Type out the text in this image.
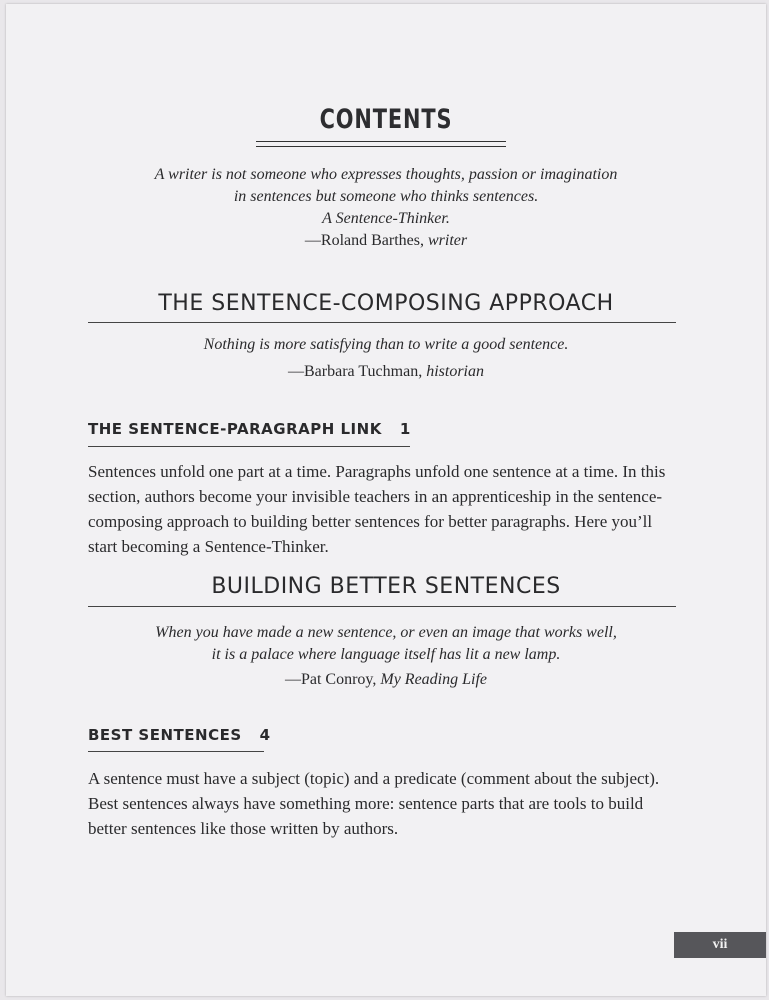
CONTENTS
A writer is not someone who expresses thoughts, passion or imagination
in sentences but someone who thinks sentences.
A Sentence-Thinker.
—Roland Barthes, writer
THE SENTENCE-COMPOSING APPROACH
Nothing is more satisfying than to write a good sentence.
—Barbara Tuchman, historian
THE SENTENCE-PARAGRAPH LINK 1
Sentences unfold one part at a time. Paragraphs unfold one sentence at a time. In this
section, authors become your invisible teachers in an apprenticeship in the sentence-
composing approach to building better sentences for better paragraphs. Here you’ll
start becoming a Sentence-Thinker.
BUILDING BETTER SENTENCES
When you have made a new sentence, or even an image that works well,
it is a palace where language itself has lit a new lamp.
—Pat Conroy, My Reading Life
BEST SENTENCES 4
A sentence must have a subject (topic) and a predicate (comment about the subject).
Best sentences always have something more: sentence parts that are tools to build
better sentences like those written by authors.
vii
